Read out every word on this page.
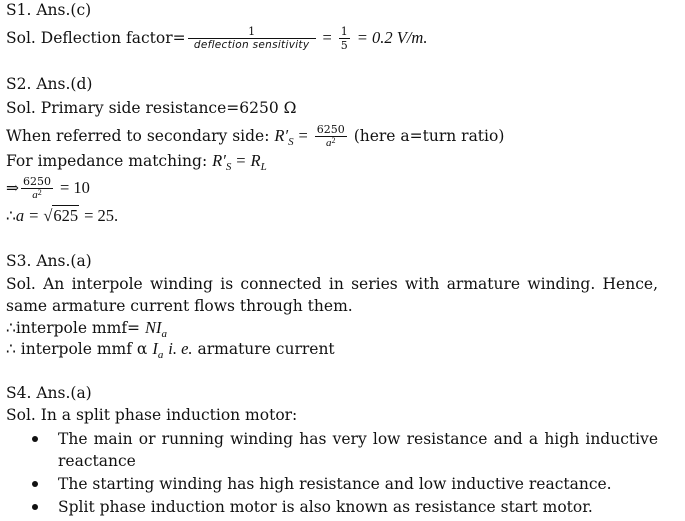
S1. Ans.(c)
Sol. Deflection factor= $\frac{1}{\text{deflection sensitivity}} = \frac{1}{5} = 0.2$ V/m.
S2. Ans.(d)
Sol. Primary side resistance=6250 Ω
When referred to secondary side: $R'_S = \frac{6250}{a^2}$ (here a=turn ratio)
For impedance matching: $R'_S = R_L$
⇒ $\frac{6250}{a^2} = 10$
∴a = √625 = 25.
S3. Ans.(a)
Sol. An interpole winding is connected in series with armature winding. Hence, same armature current flows through them.
∴interpole $mmf= NI_a$
∴ interpole mmf α $I_a$ i. e. armature current
S4. Ans.(a)
Sol. In a split phase induction motor:
The main or running winding has very low resistance and a high inductive reactance
The starting winding has high resistance and low inductive reactance.
Split phase induction motor is also known as resistance start motor.
